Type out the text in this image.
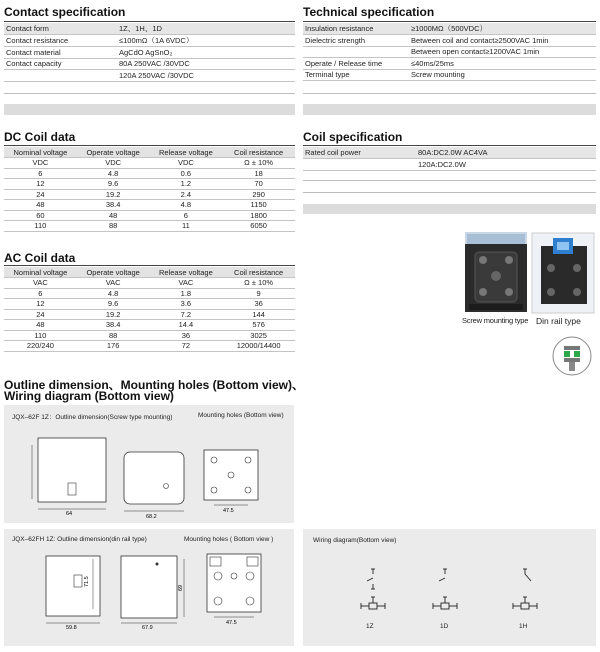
Contact specification
Contact form	1Z、1H、1D
Contact resistance	≤100mΩ（1A 6VDC）
Contact material	AgCdO AgSnO₂
Contact capacity	80A 250VAC /30VDC
	120A 250VAC /30VDC
Technical specification
Insulation resistance	≥1000MΩ（500VDC）
Dielectric strength	Between coil and contact≥2500VAC 1min
	Between open contact≥1200VAC 1min
Operate / Release time	≤40ms/25ms
Terminal type	Screw mounting
DC Coil data
Nominal voltage	Operate voltage	Release voltage	Coil resistance
VDC	VDC	VDC	Ω ± 10%
6	4.8	0.6	18
12	9.6	1.2	70
24	19.2	2.4	290
48	38.4	4.8	1150
60	48	6	1800
110	88	11	6050
Coil specification
Rated coil power	80A:DC2.0W AC4VA
	120A:DC2.0W
AC Coil data
Nominal voltage	Operate voltage	Release voltage	Coil resistance
VAC	VAC	VAC	Ω ± 10%
6	4.8	1.8	9
12	9.6	3.6	36
24	19.2	7.2	144
48	38.4	14.4	576
110	88	36	3025
220/240	176	72	12000/14400
Screw mounting type Din rail type
Outline dimension、Mounting holes (Bottom view)、
Wiring diagram (Bottom view)
JQX–62F 1Z：Outline dimension(Screw type mounting)	Mounting holes (Bottom view)
64	68.2
47.5
JQX–62FH 1Z: Outline dimension(din rail type)	Mounting holes ( Bottom view )
71.5
59.8
69
67.9
47.5
Wiring diagram(Bottom view)
1Z	1D	1H
